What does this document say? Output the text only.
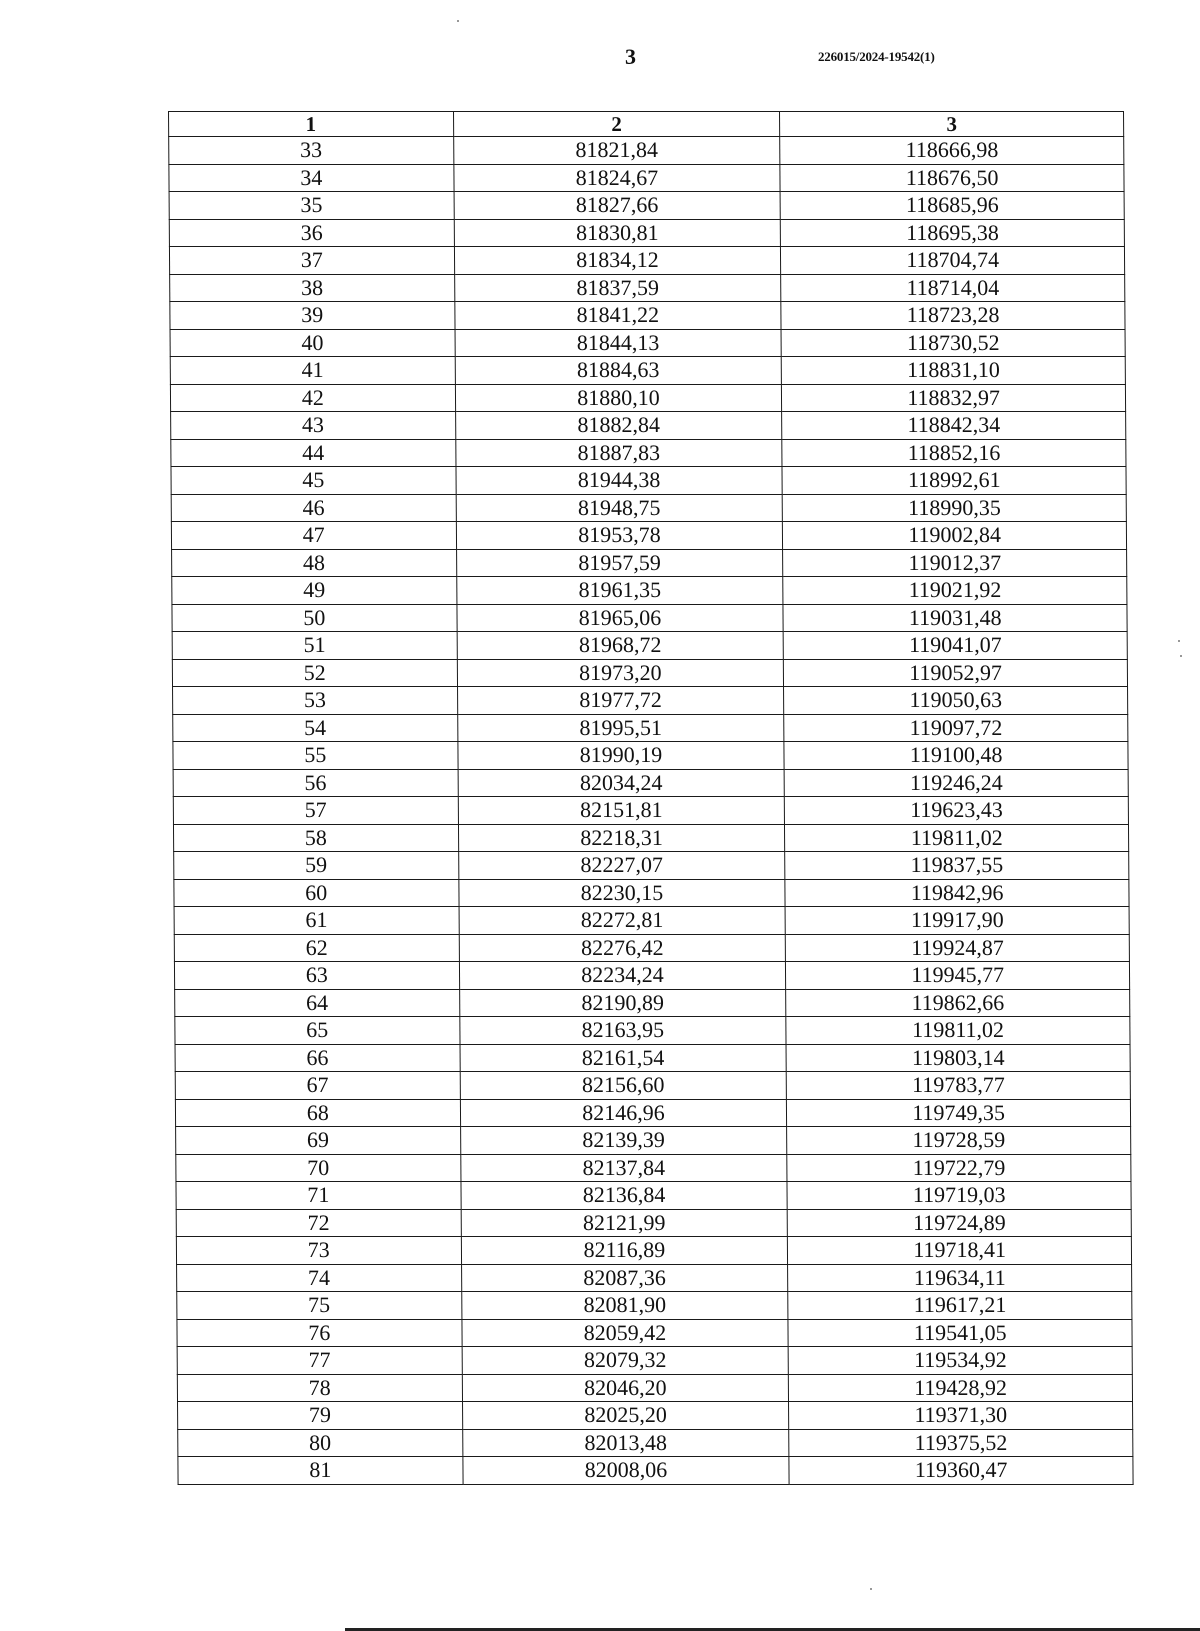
3	226015/2024-19542(1)
1	2	3
33	81821,84	118666,98
34	81824,67	118676,50
35	81827,66	118685,96
36	81830,81	118695,38
37	81834,12	118704,74
38	81837,59	118714,04
39	81841,22	118723,28
40	81844,13	118730,52
41	81884,63	118831,10
42	81880,10	118832,97
43	81882,84	118842,34
44	81887,83	118852,16
45	81944,38	118992,61
46	81948,75	118990,35
47	81953,78	119002,84
48	81957,59	119012,37
49	81961,35	119021,92
50	81965,06	119031,48
51	81968,72	119041,07
52	81973,20	119052,97
53	81977,72	119050,63
54	81995,51	119097,72
55	81990,19	119100,48
56	82034,24	119246,24
57	82151,81	119623,43
58	82218,31	119811,02
59	82227,07	119837,55
60	82230,15	119842,96
61	82272,81	119917,90
62	82276,42	119924,87
63	82234,24	119945,77
64	82190,89	119862,66
65	82163,95	119811,02
66	82161,54	119803,14
67	82156,60	119783,77
68	82146,96	119749,35
69	82139,39	119728,59
70	82137,84	119722,79
71	82136,84	119719,03
72	82121,99	119724,89
73	82116,89	119718,41
74	82087,36	119634,11
75	82081,90	119617,21
76	82059,42	119541,05
77	82079,32	119534,92
78	82046,20	119428,92
79	82025,20	119371,30
80	82013,48	119375,52
81	82008,06	119360,47
